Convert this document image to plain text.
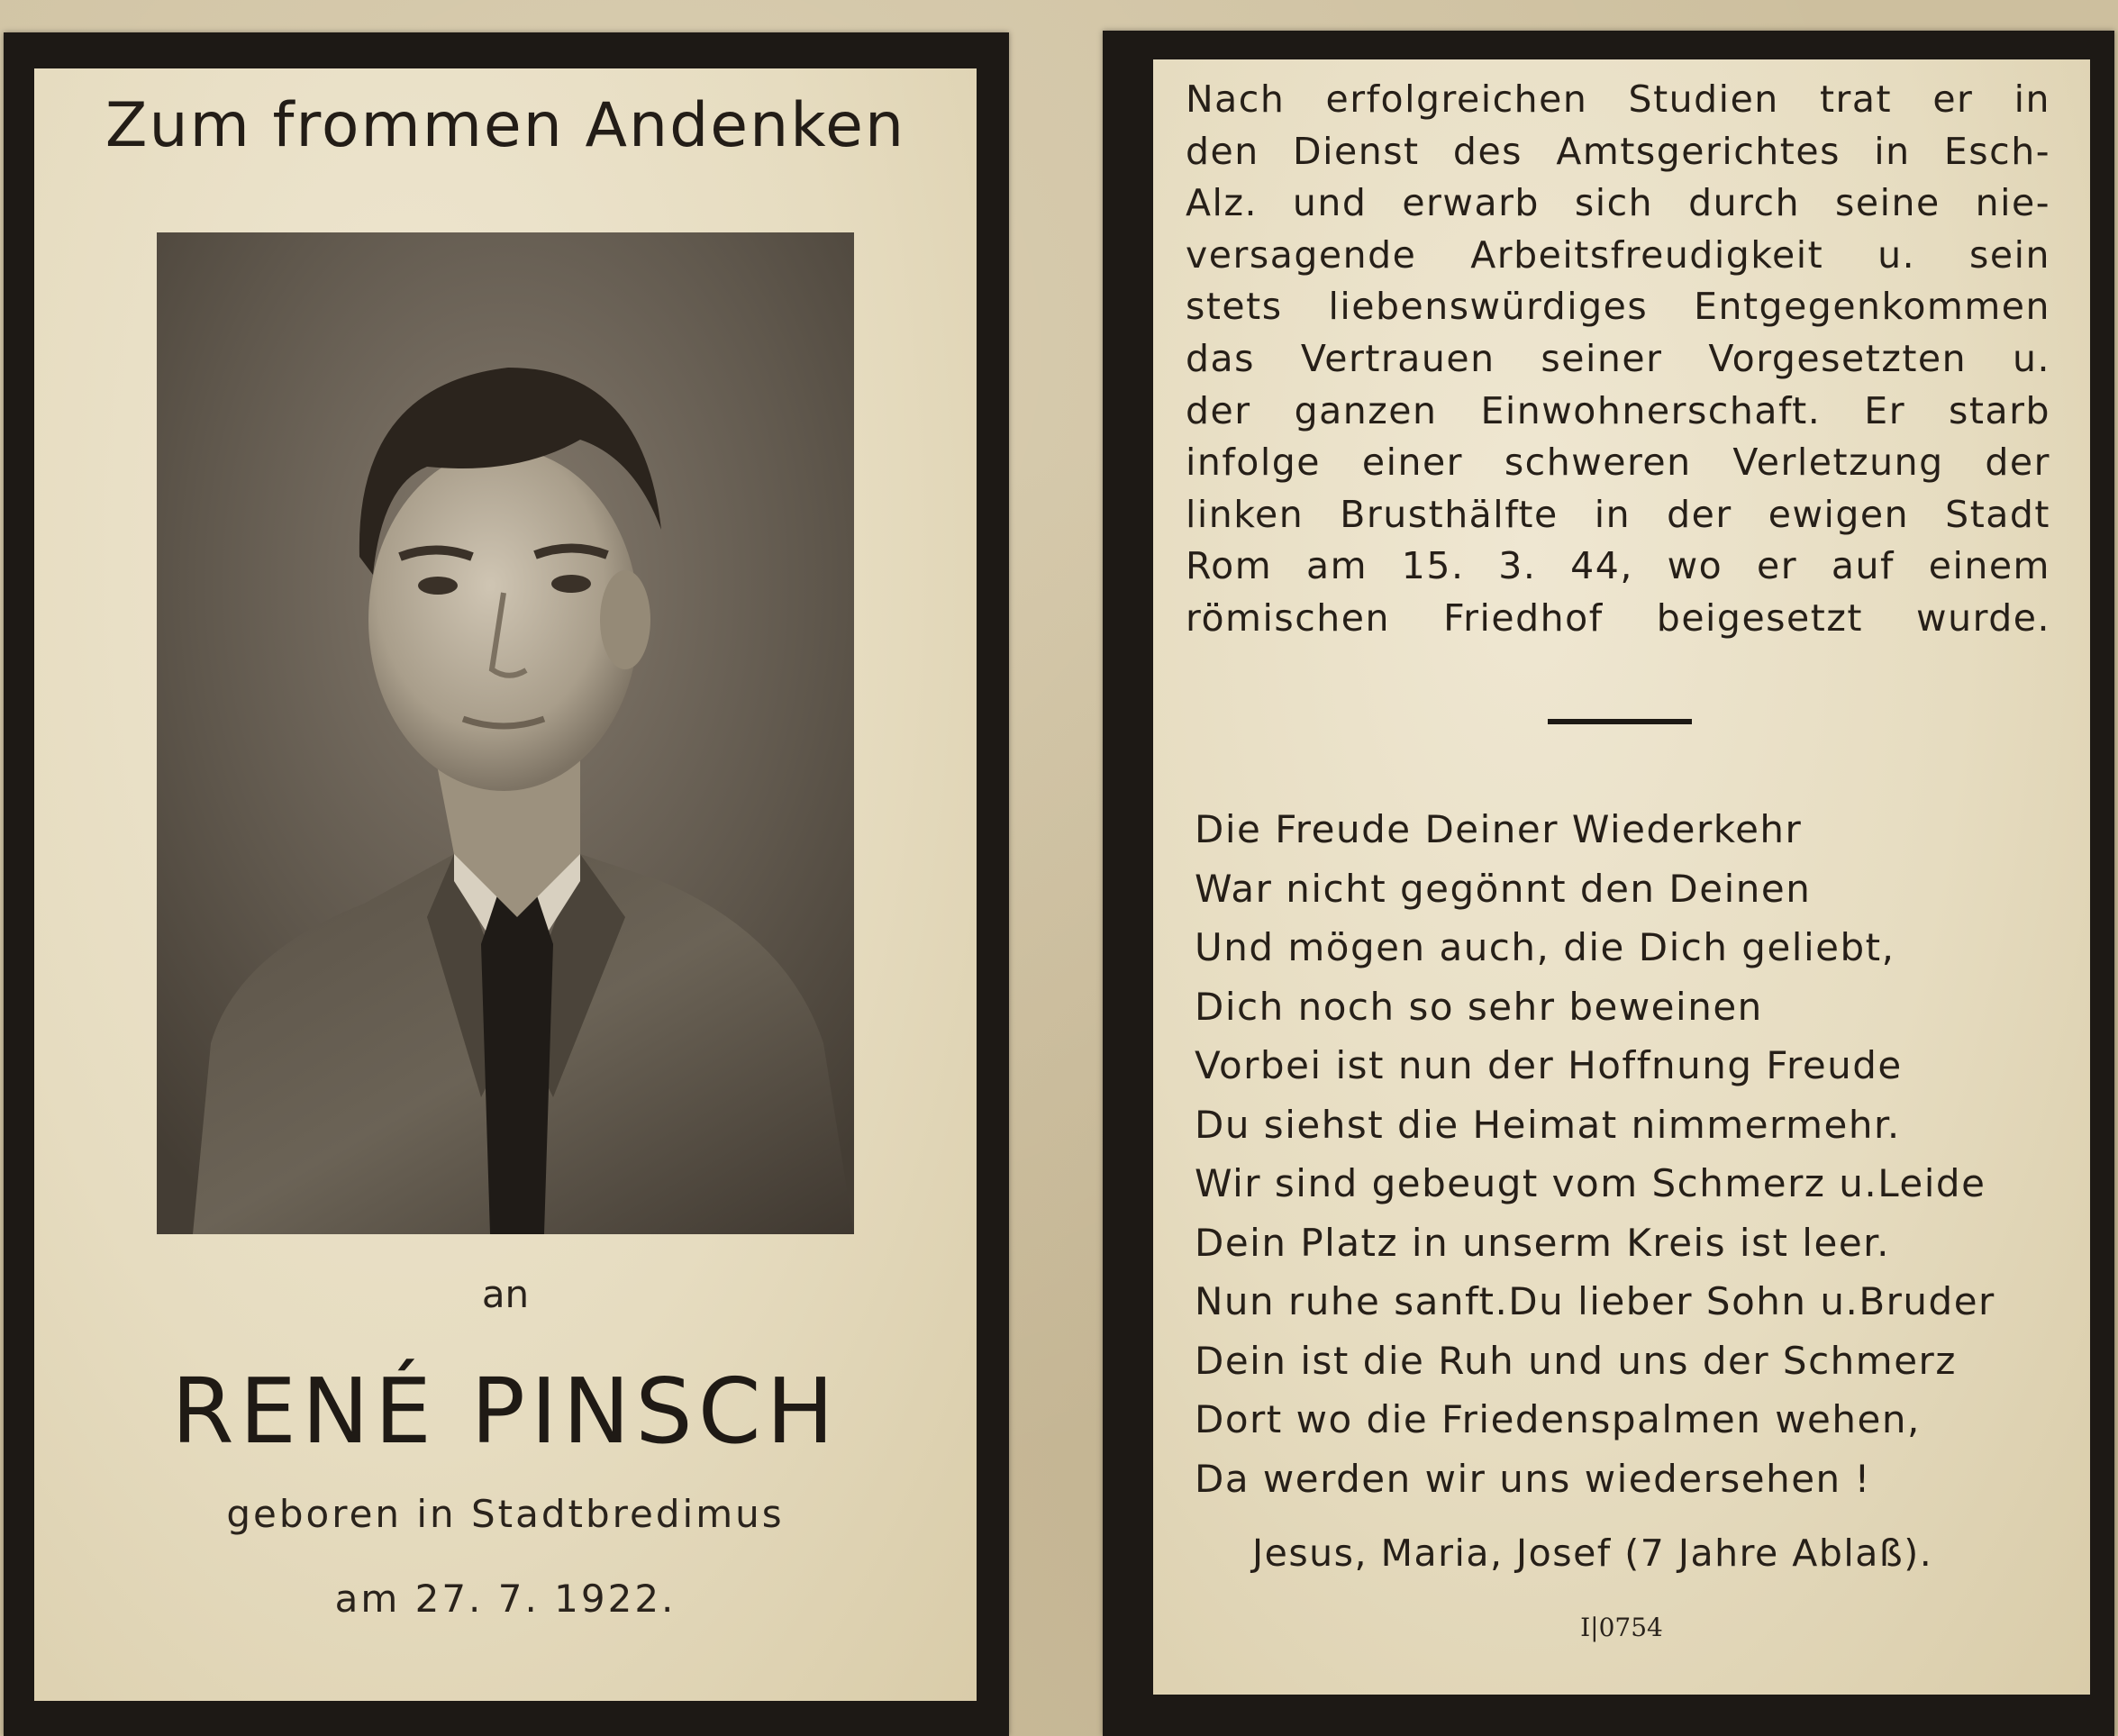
Zum frommen Andenken
an
RENÉ PINSCH
geboren in Stadtbredimus
am 27. 7. 1922.
Nach erfolgreichen Studien trat er in
den Dienst des Amtsgerichtes in Esch-
Alz. und erwarb sich durch seine nie-
versagende Arbeitsfreudigkeit u. sein
stets liebenswürdiges Entgegenkommen
das Vertrauen seiner Vorgesetzten u.
der ganzen Einwohnerschaft. Er starb
infolge einer schweren Verletzung der
linken Brusthälfte in der ewigen Stadt
Rom am 15. 3. 44, wo er auf einem
römischen Friedhof beigesetzt wurde.
Die Freude Deiner Wiederkehr
War nicht gegönnt den Deinen
Und mögen auch, die Dich geliebt,
Dich noch so sehr beweinen
Vorbei ist nun der Hoffnung Freude
Du siehst die Heimat nimmermehr.
Wir sind gebeugt vom Schmerz u.Leide
Dein Platz in unserm Kreis ist leer.
Nun ruhe sanft.Du lieber Sohn u.Bruder
Dein ist die Ruh und uns der Schmerz
Dort wo die Friedenspalmen wehen,
Da werden wir uns wiedersehen !
Jesus, Maria, Josef (7 Jahre Ablaß).
I|0754
